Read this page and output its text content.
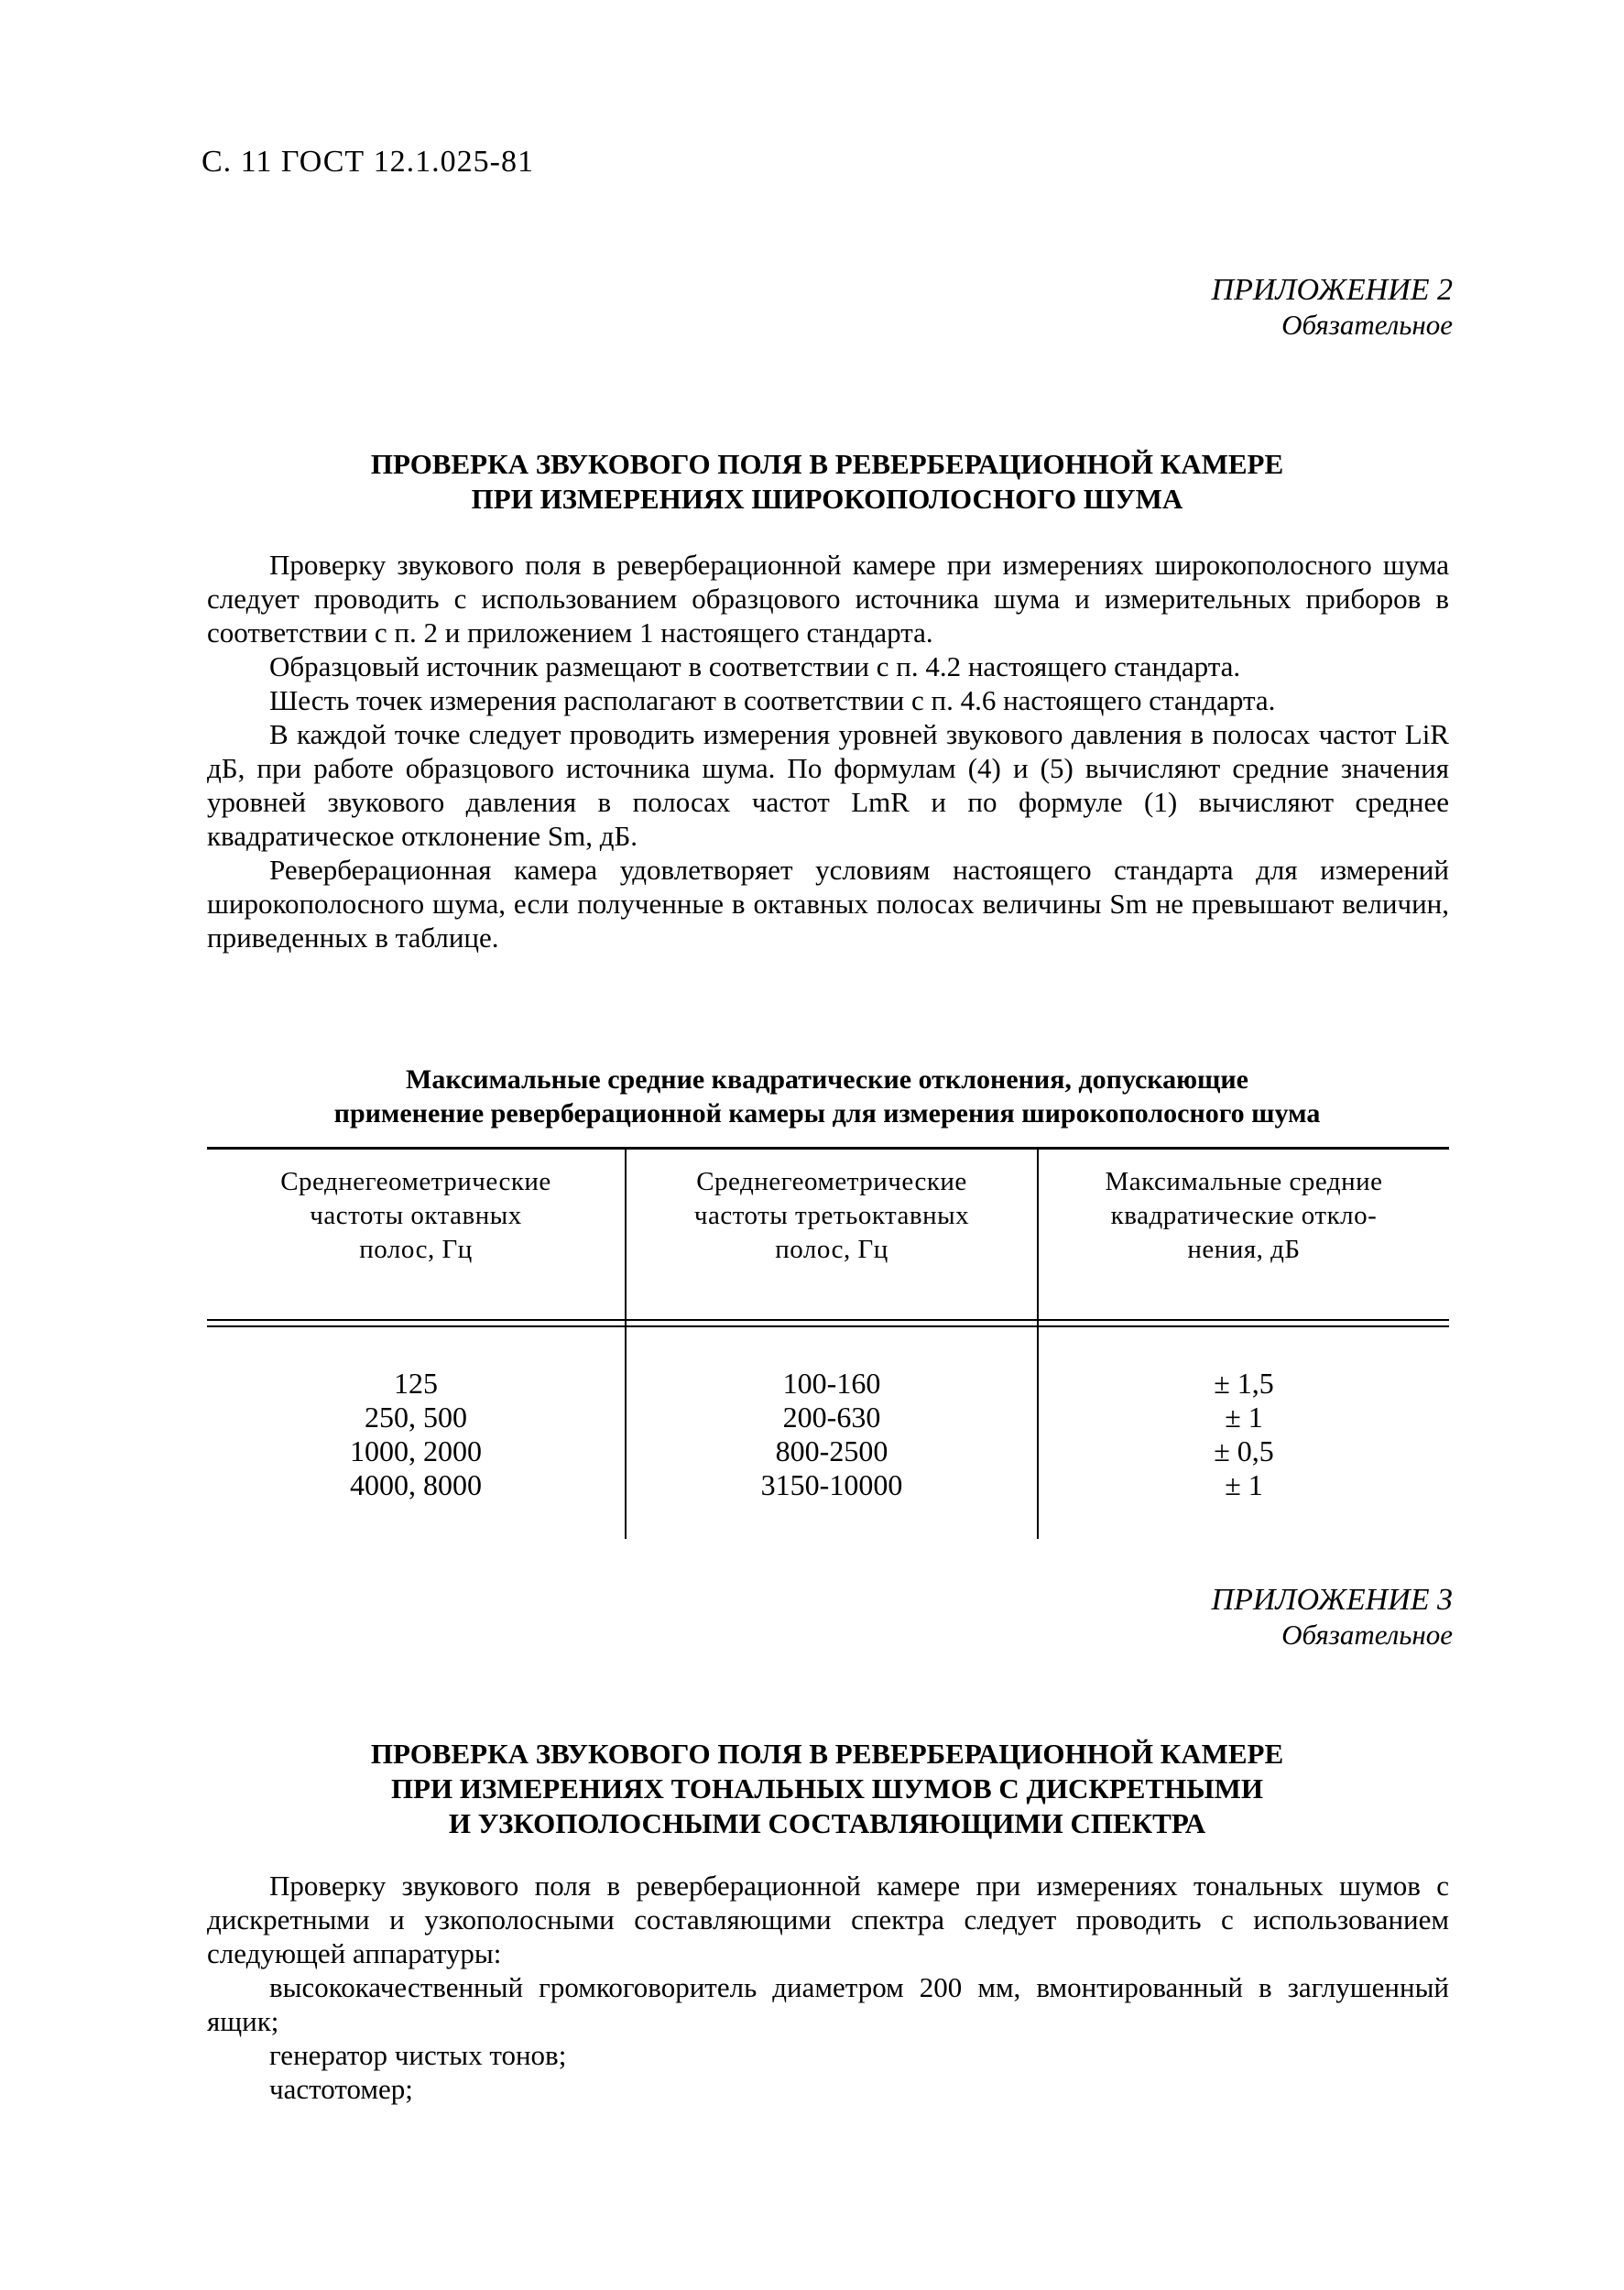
С. 11 ГОСТ 12.1.025-81
ПРИЛОЖЕНИЕ 2
Обязательное
ПРОВЕРКА ЗВУКОВОГО ПОЛЯ В РЕВЕРБЕРАЦИОННОЙ КАМЕРЕ
ПРИ ИЗМЕРЕНИЯХ ШИРОКОПОЛОСНОГО ШУМА

Проверку звукового поля в реверберационной камере при измерениях широкополосного шума следует проводить с использованием образцового источника шума и измерительных приборов в соответствии с п. 2 и приложением 1 настоящего стандарта.

Образцовый источник размещают в соответствии с п. 4.2 настоящего стандарта.

Шесть точек измерения располагают в соответствии с п. 4.6 настоящего стандарта.

В каждой точке следует проводить измерения уровней звукового давления в полосах частот LiR дБ, при работе образцового источника шума. По формулам (4) и (5) вычисляют средние значения уровней звукового давления в полосах частот LmR и по формуле (1) вычисляют среднее квадратическое отклонение Sm, дБ.

Реверберационная камера удовлетворяет условиям настоящего стандарта для измерений широкополосного шума, если полученные в октавных полосах величины Sm не превышают величин, приведенных в таблице.

Максимальные средние квадратические отклонения, допускающие
применение реверберационной камеры для измерения широкополосного шума
Среднегеометрические
частоты октавных
полос, Гц
Среднегеометрические
частоты третьоктавных
полос, Гц
Максимальные средние
квадратические откло-
нения, дБ
125
250, 500
1000, 2000
4000, 8000
100-160
200-630
800-2500
3150-10000
± 1,5
± 1
± 0,5
± 1
ПРИЛОЖЕНИЕ 3
Обязательное
ПРОВЕРКА ЗВУКОВОГО ПОЛЯ В РЕВЕРБЕРАЦИОННОЙ КАМЕРЕ
ПРИ ИЗМЕРЕНИЯХ ТОНАЛЬНЫХ ШУМОВ С ДИСКРЕТНЫМИ
И УЗКОПОЛОСНЫМИ СОСТАВЛЯЮЩИМИ СПЕКТРА

Проверку звукового поля в реверберационной камере при измерениях тональных шумов с дискретными и узкополосными составляющими спектра следует проводить с использованием следующей аппаратуры:

высококачественный громкоговоритель диаметром 200 мм, вмонтированный в заглушенный ящик;

генератор чистых тонов;

частотомер;
